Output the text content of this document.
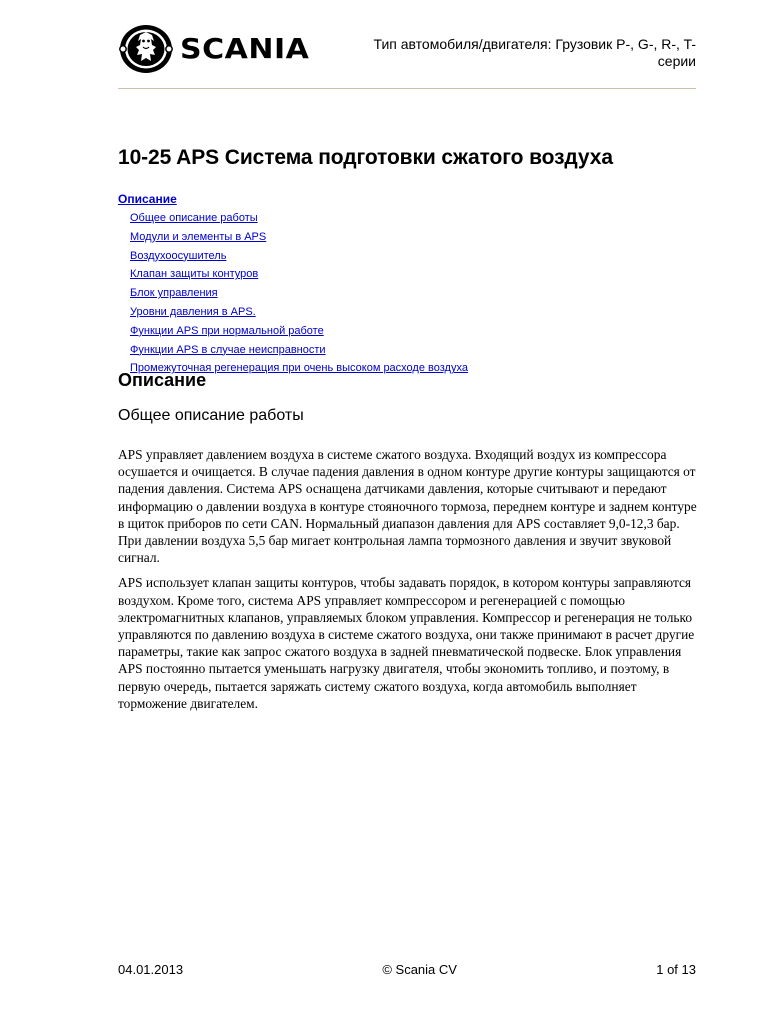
SCANIA	Тип автомобиля/двигателя: Грузовик P-, G-, R-, T-серии
10-25 APS Система подготовки сжатого воздуха
Описание
Общее описание работы
Модули и элементы в APS
Воздухоосушитель
Клапан защиты контуров
Блок управления
Уровни давления в APS.
Функции APS при нормальной работе
Функции APS в случае неисправности
Промежуточная регенерация при очень высоком расходе воздуха
Описание
Общее описание работы

APS управляет давлением воздуха в системе сжатого воздуха. Входящий воздух из компрессора осушается и очищается. В случае падения давления в одном контуре другие контуры защищаются от падения давления. Система APS оснащена датчиками давления, которые считывают и передают информацию о давлении воздуха в контуре стояночного тормоза, переднем контуре и заднем контуре в щиток приборов по сети CAN. Нормальный диапазон давления для APS составляет 9,0-12,3 бар. При давлении воздуха 5,5 бар мигает контрольная лампа тормозного давления и звучит звуковой сигнал.

APS использует клапан защиты контуров, чтобы задавать порядок, в котором контуры заправляются воздухом. Кроме того, система APS управляет компрессором и регенерацией с помощью электромагнитных клапанов, управляемых блоком управления. Компрессор и регенерация не только управляются по давлению воздуха в системе сжатого воздуха, они также принимают в расчет другие параметры, такие как запрос сжатого воздуха в задней пневматической подвеске. Блок управления APS постоянно пытается уменьшать нагрузку двигателя, чтобы экономить топливо, и поэтому, в первую очередь, пытается заряжать систему сжатого воздуха, когда автомобиль выполняет торможение двигателем.

04.01.2013	© Scania CV	1 of 13
